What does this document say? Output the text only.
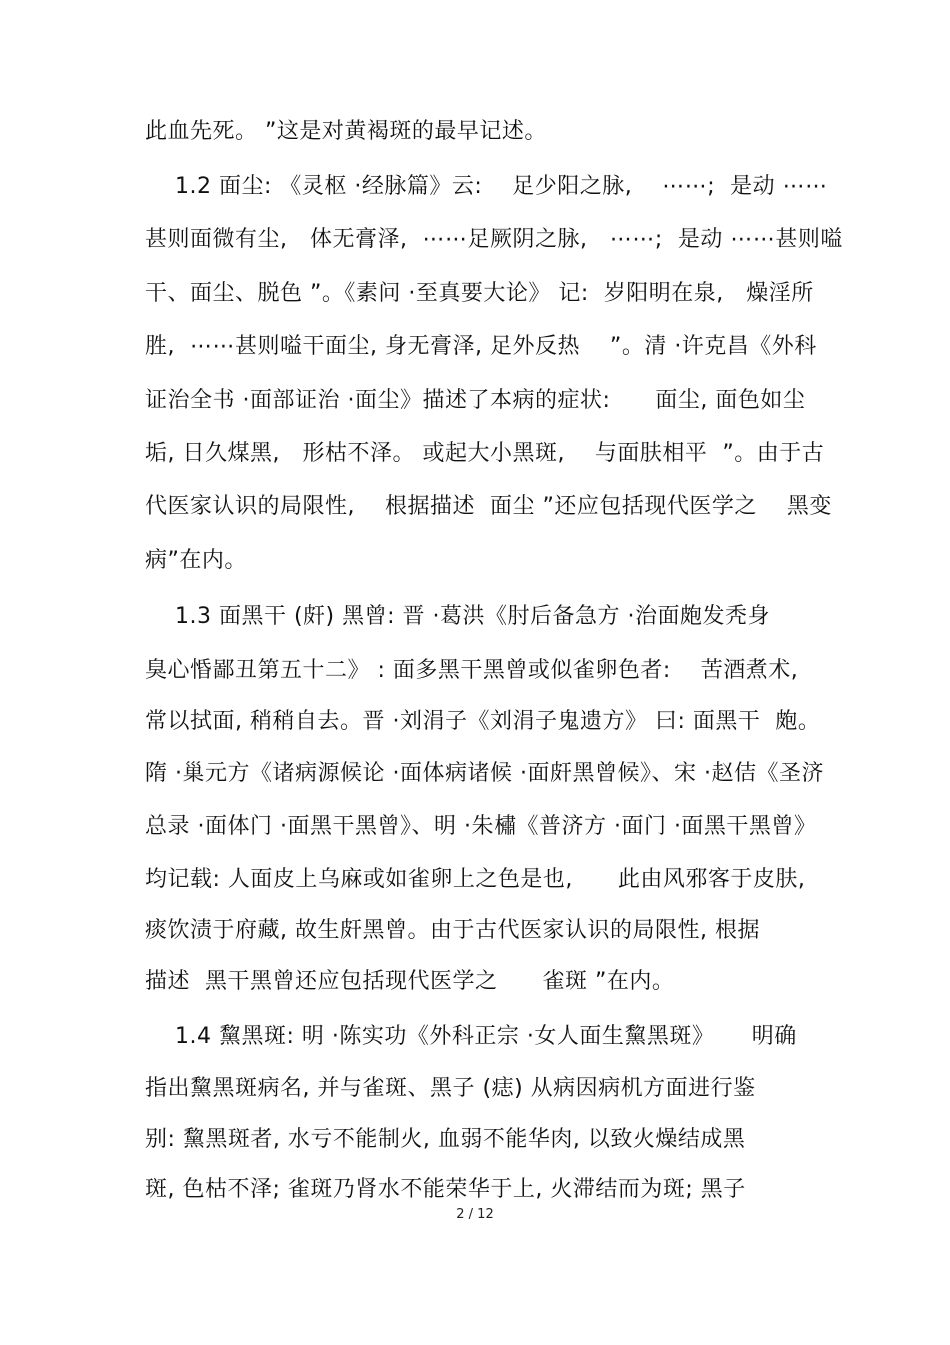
此血先死。 ”这是对黄褐斑的最早记述。
1.2 面尘: 《灵枢 ·经脉篇》云:    足少阳之脉,    ⋯⋯;  是动 ⋯⋯
甚则面微有尘,   体无膏泽,  ⋯⋯足厥阴之脉,   ⋯⋯;  是动 ⋯⋯甚则嗌
干、面尘、脱色 ”。《素问 ·至真要大论》 记:  岁阳明在泉,   燥淫所
胜,  ⋯⋯甚则嗌干面尘, 身无膏泽, 足外反热    ”。清 ·许克昌《外科
证治全书 ·面部证治 ·面尘》描述了本病的症状:      面尘, 面色如尘
垢, 日久煤黑,   形枯不泽。 或起大小黑斑,    与面肤相平  ”。由于古
代医家认识的局限性,    根据描述  面尘 ”还应包括现代医学之    黑变
病”在内。
1.3 面黑干 (皯) 黑曾: 晋 ·葛洪《肘后备急方 ·治面皰发秃身
臭心惛鄙丑第五十二》 : 面多黑干黑曾或似雀卵色者:    苦酒煮术,
常以拭面, 稍稍自去。晋 ·刘涓子《刘涓子鬼遗方》 曰: 面黑干  皰。
隋 ·巢元方《诸病源候论 ·面体病诸候 ·面皯黑曾候》、宋 ·赵佶《圣济
总录 ·面体门 ·面黑干黑曾》、明 ·朱橚《普济方 ·面门 ·面黑干黑曾》
均记载: 人面皮上乌麻或如雀卵上之色是也,      此由风邪客于皮肤,
痰饮渍于府藏, 故生皯黑曾。由于古代医家认识的局限性, 根据
描述  黑干黑曾还应包括现代医学之      雀斑 ”在内。
1.4 黧黑斑: 明 ·陈实功《外科正宗 ·女人面生黧黑斑》     明确
指出黧黑斑病名, 并与雀斑、黑子 (痣) 从病因病机方面进行鉴
别: 黧黑斑者, 水亏不能制火, 血弱不能华肉, 以致火燥结成黑
斑, 色枯不泽; 雀斑乃肾水不能荣华于上, 火滞结而为斑; 黑子
2 / 12
